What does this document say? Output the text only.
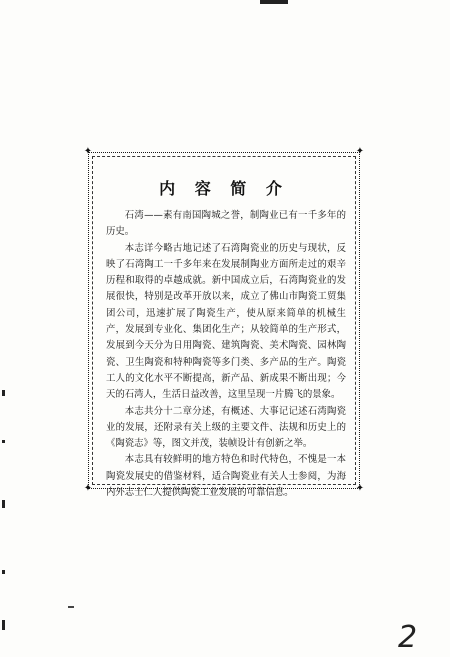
✦	✦
✦	✦
内 容 简 介

石湾——素有南国陶城之誉，制陶业已有一千多年的历史。

本志详今略古地记述了石湾陶瓷业的历史与现状，反映了石湾陶工一千多年来在发展制陶业方面所走过的艰辛历程和取得的卓越成就。新中国成立后，石湾陶瓷业的发展很快，特别是改革开放以来，成立了佛山市陶瓷工贸集团公司，迅速扩展了陶瓷生产，使从原来简单的机械生产，发展到专业化、集团化生产；从较简单的生产形式，发展到今天分为日用陶瓷、建筑陶瓷、美术陶瓷、园林陶瓷、卫生陶瓷和特种陶瓷等多门类、多产品的生产。陶瓷工人的文化水平不断提高，新产品、新成果不断出现；今天的石湾人，生活日益改善，这里呈现一片腾飞的景象。

本志共分十二章分述，有概述、大事记记述石湾陶瓷业的发展，还附录有关上级的主要文件、法规和历史上的《陶瓷志》等，图文并茂，装帧设计有创新之举。

本志具有较鲜明的地方特色和时代特色，不愧是一本陶瓷发展史的借鉴材料，适合陶瓷业有关人士参阅，为海内外志士仁人提供陶瓷工业发展的可靠信息。

2
